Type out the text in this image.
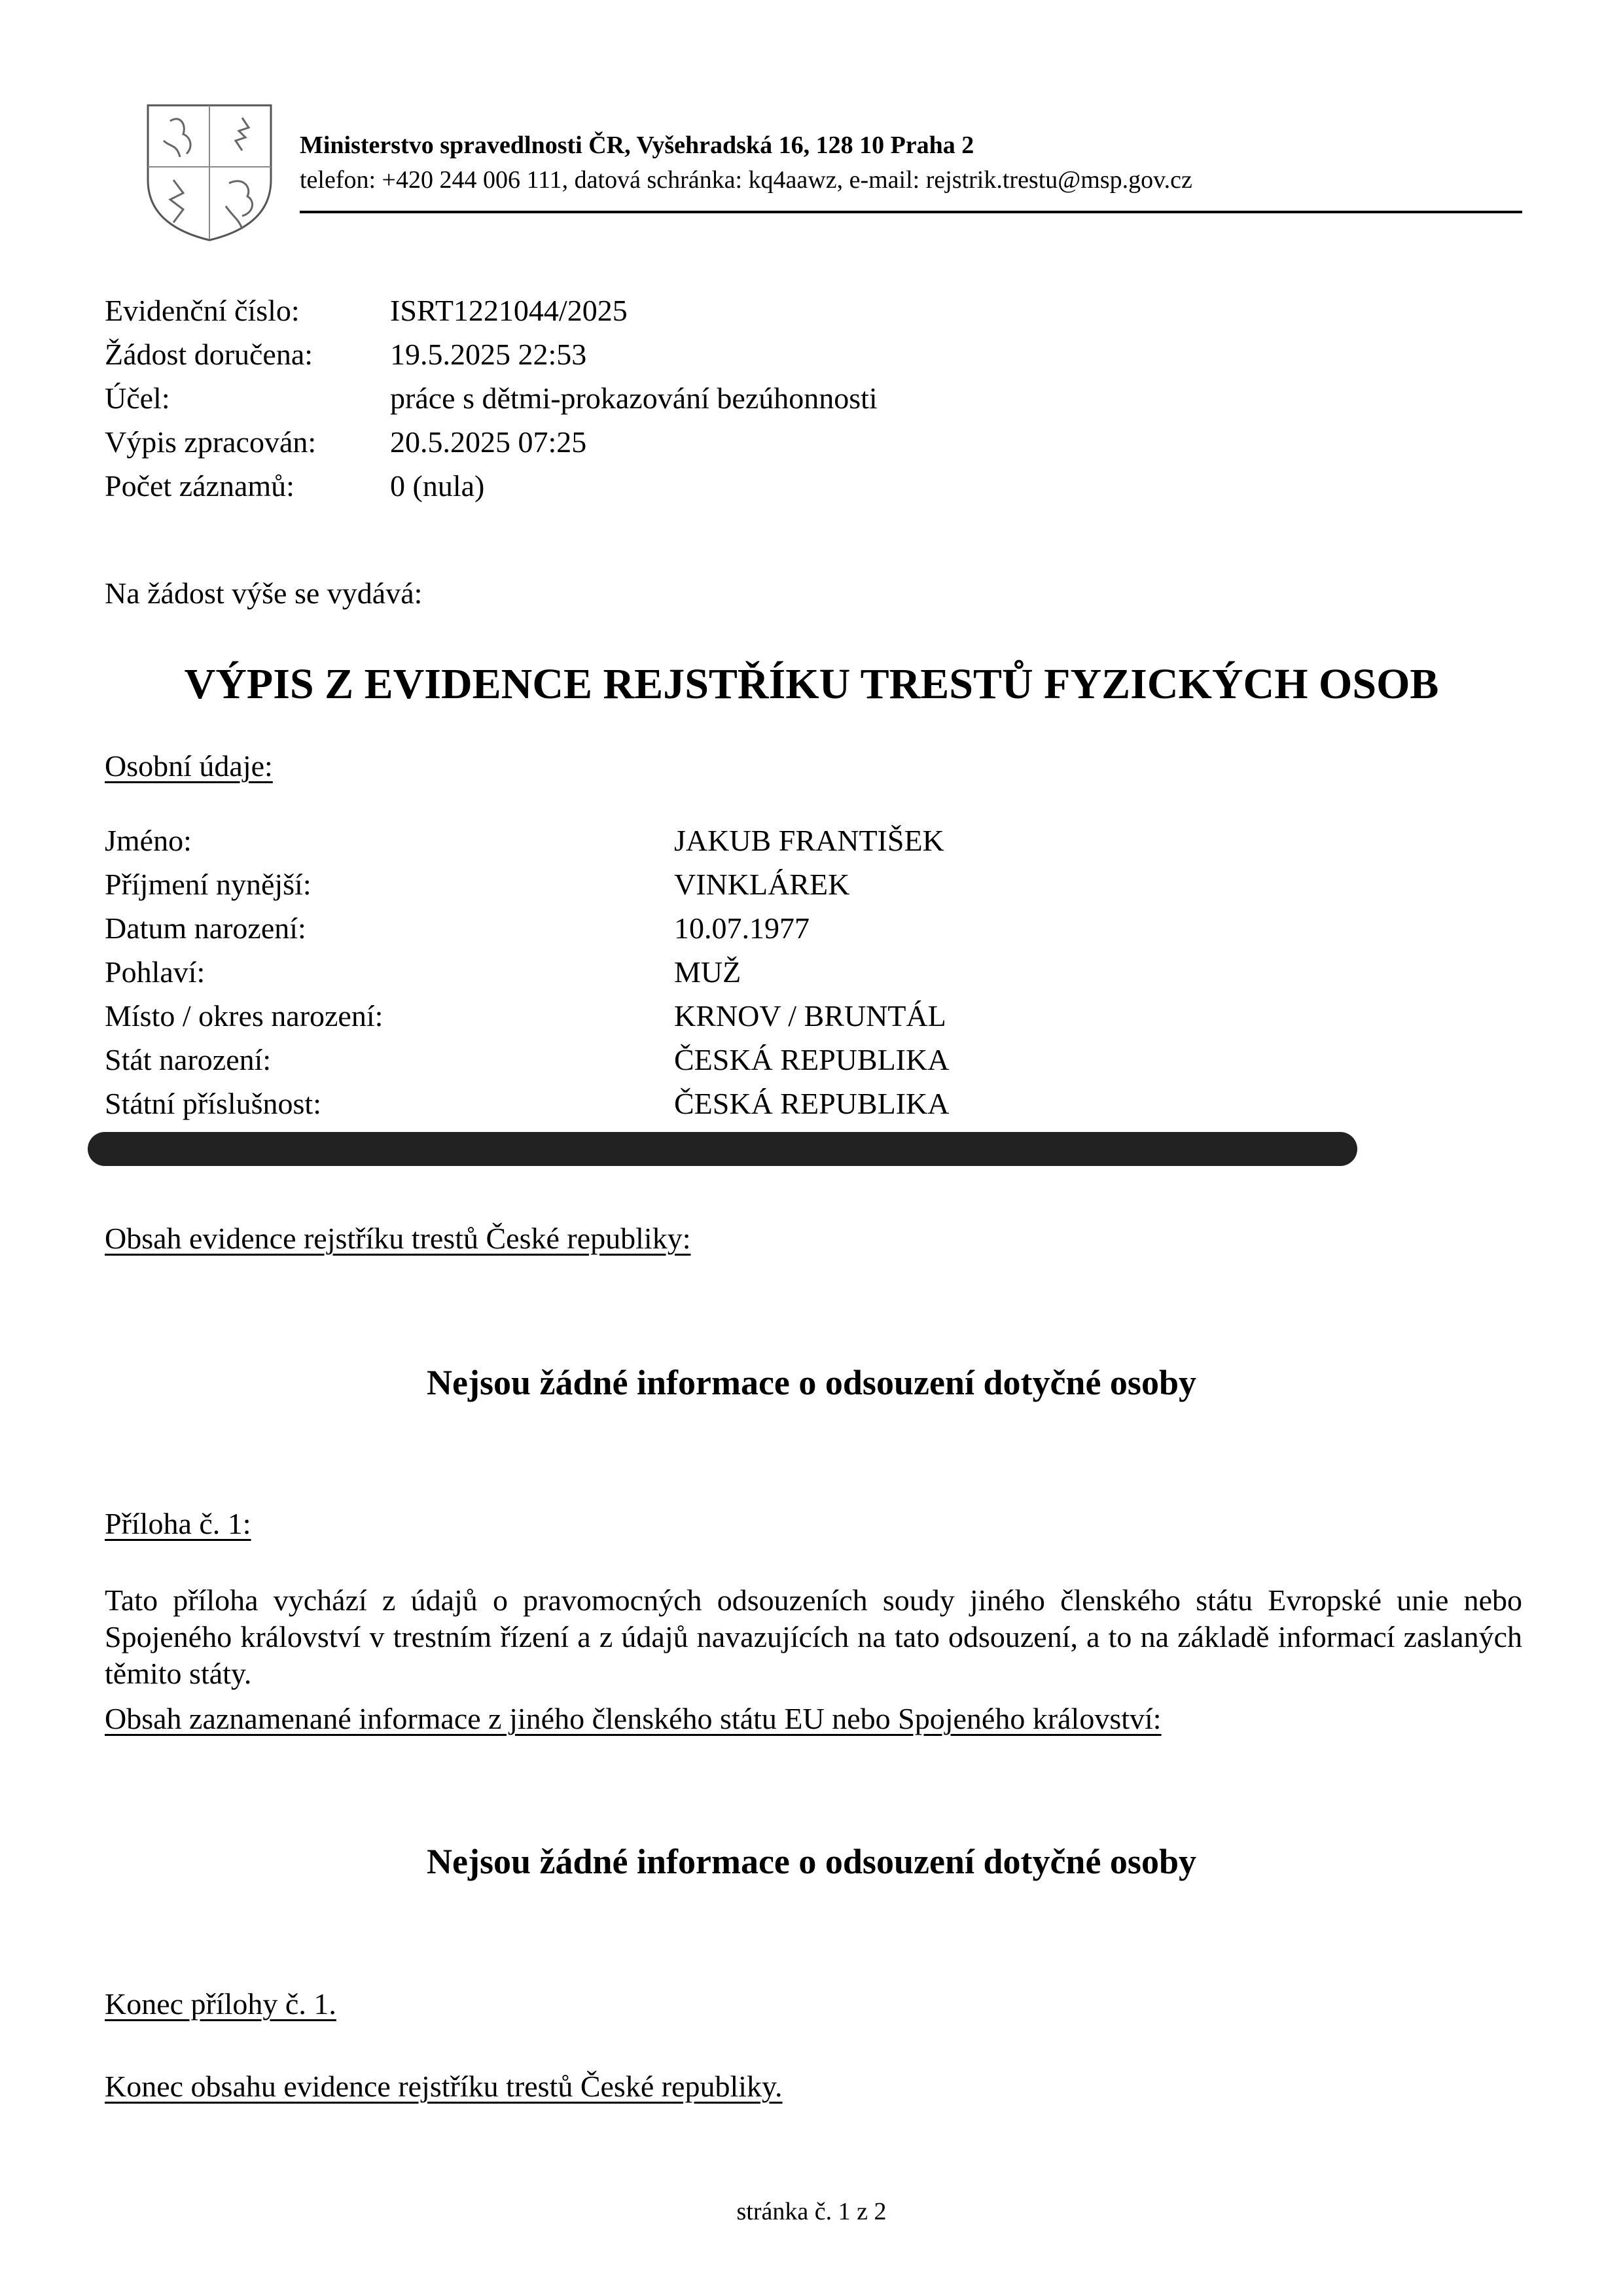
Ministerstvo spravedlnosti ČR, Vyšehradská 16, 128 10 Praha 2
telefon: +420 244 006 111, datová schránka: kq4aawz, e-mail: rejstrik.trestu@msp.gov.cz
Evidenční číslo:	ISRT1221044/2025
Žádost doručena:	19.5.2025 22:53
Účel:	práce s dětmi-prokazování bezúhonnosti
Výpis zpracován: 20.5.2025 07:25
Počet záznamů:	0 (nula)
Na žádost výše se vydává:
VÝPIS Z EVIDENCE REJSTŘÍKU TRESTŮ FYZICKÝCH OSOB
Osobní údaje:
Jméno:	JAKUB FRANTIŠEK
Příjmení nynější:	VINKLÁREK
Datum narození:	10.07.1977
Pohlaví:	MUŽ
Místo / okres narození:	KRNOV / BRUNTÁL
Stát narození:	ČESKÁ REPUBLIKA
Státní příslušnost:	ČESKÁ REPUBLIKA
Obsah evidence rejstříku trestů České republiky:
Nejsou žádné informace o odsouzení dotyčné osoby
Příloha č. 1:
Tato příloha vychází z údajů o pravomocných odsouzeních soudy jiného členského státu Evropské unie nebo Spojeného království v trestním řízení a z údajů navazujících na tato odsouzení, a to na základě informací zaslaných těmito státy.
Obsah zaznamenané informace z jiného členského státu EU nebo Spojeného království:
Nejsou žádné informace o odsouzení dotyčné osoby
Konec přílohy č. 1.
Konec obsahu evidence rejstříku trestů České republiky.
stránka č. 1 z 2
